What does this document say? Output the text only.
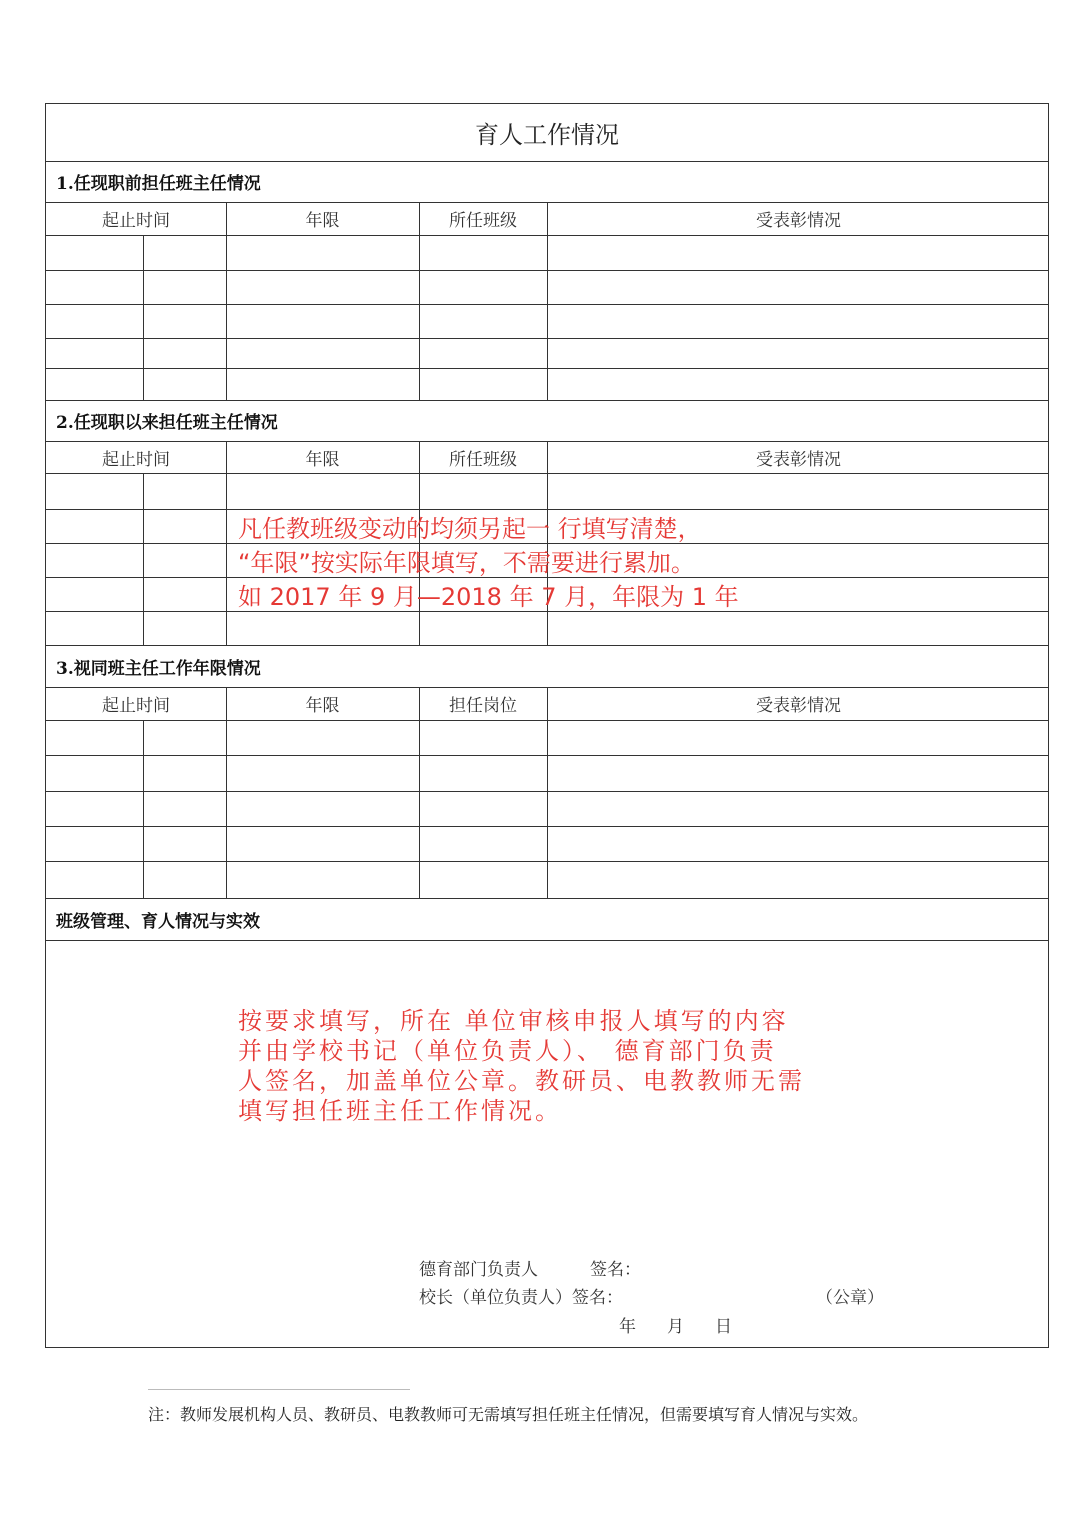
育人工作情况
1.任现职前担任班主任情况
起止时间	年限	所任班级	受表彰情况
2.任现职以来担任班主任情况
起止时间	年限	所任班级	受表彰情况
3.视同班主任工作年限情况
起止时间	年限	担任岗位	受表彰情况
班级管理、育人情况与实效
凡任教班级变动的均须另起一 行填写清楚，
“年限”按实际年限填写，不需要进行累加。
如 2017 年 9 月—2018 年 7 月，年限为 1 年
按要求填写，所在 单位审核申报人填写的内容
并由学校书记（单位负责人）、 德育部门负责
人签名，加盖单位公章。教研员、电教教师无需
填写担任班主任工作情况。
德育部门负责人	签名：
校长（单位负责人）签名：	（公章）
年 月 日
注：教师发展机构人员、教研员、电教教师可无需填写担任班主任情况，但需要填写育人情况与实效。
